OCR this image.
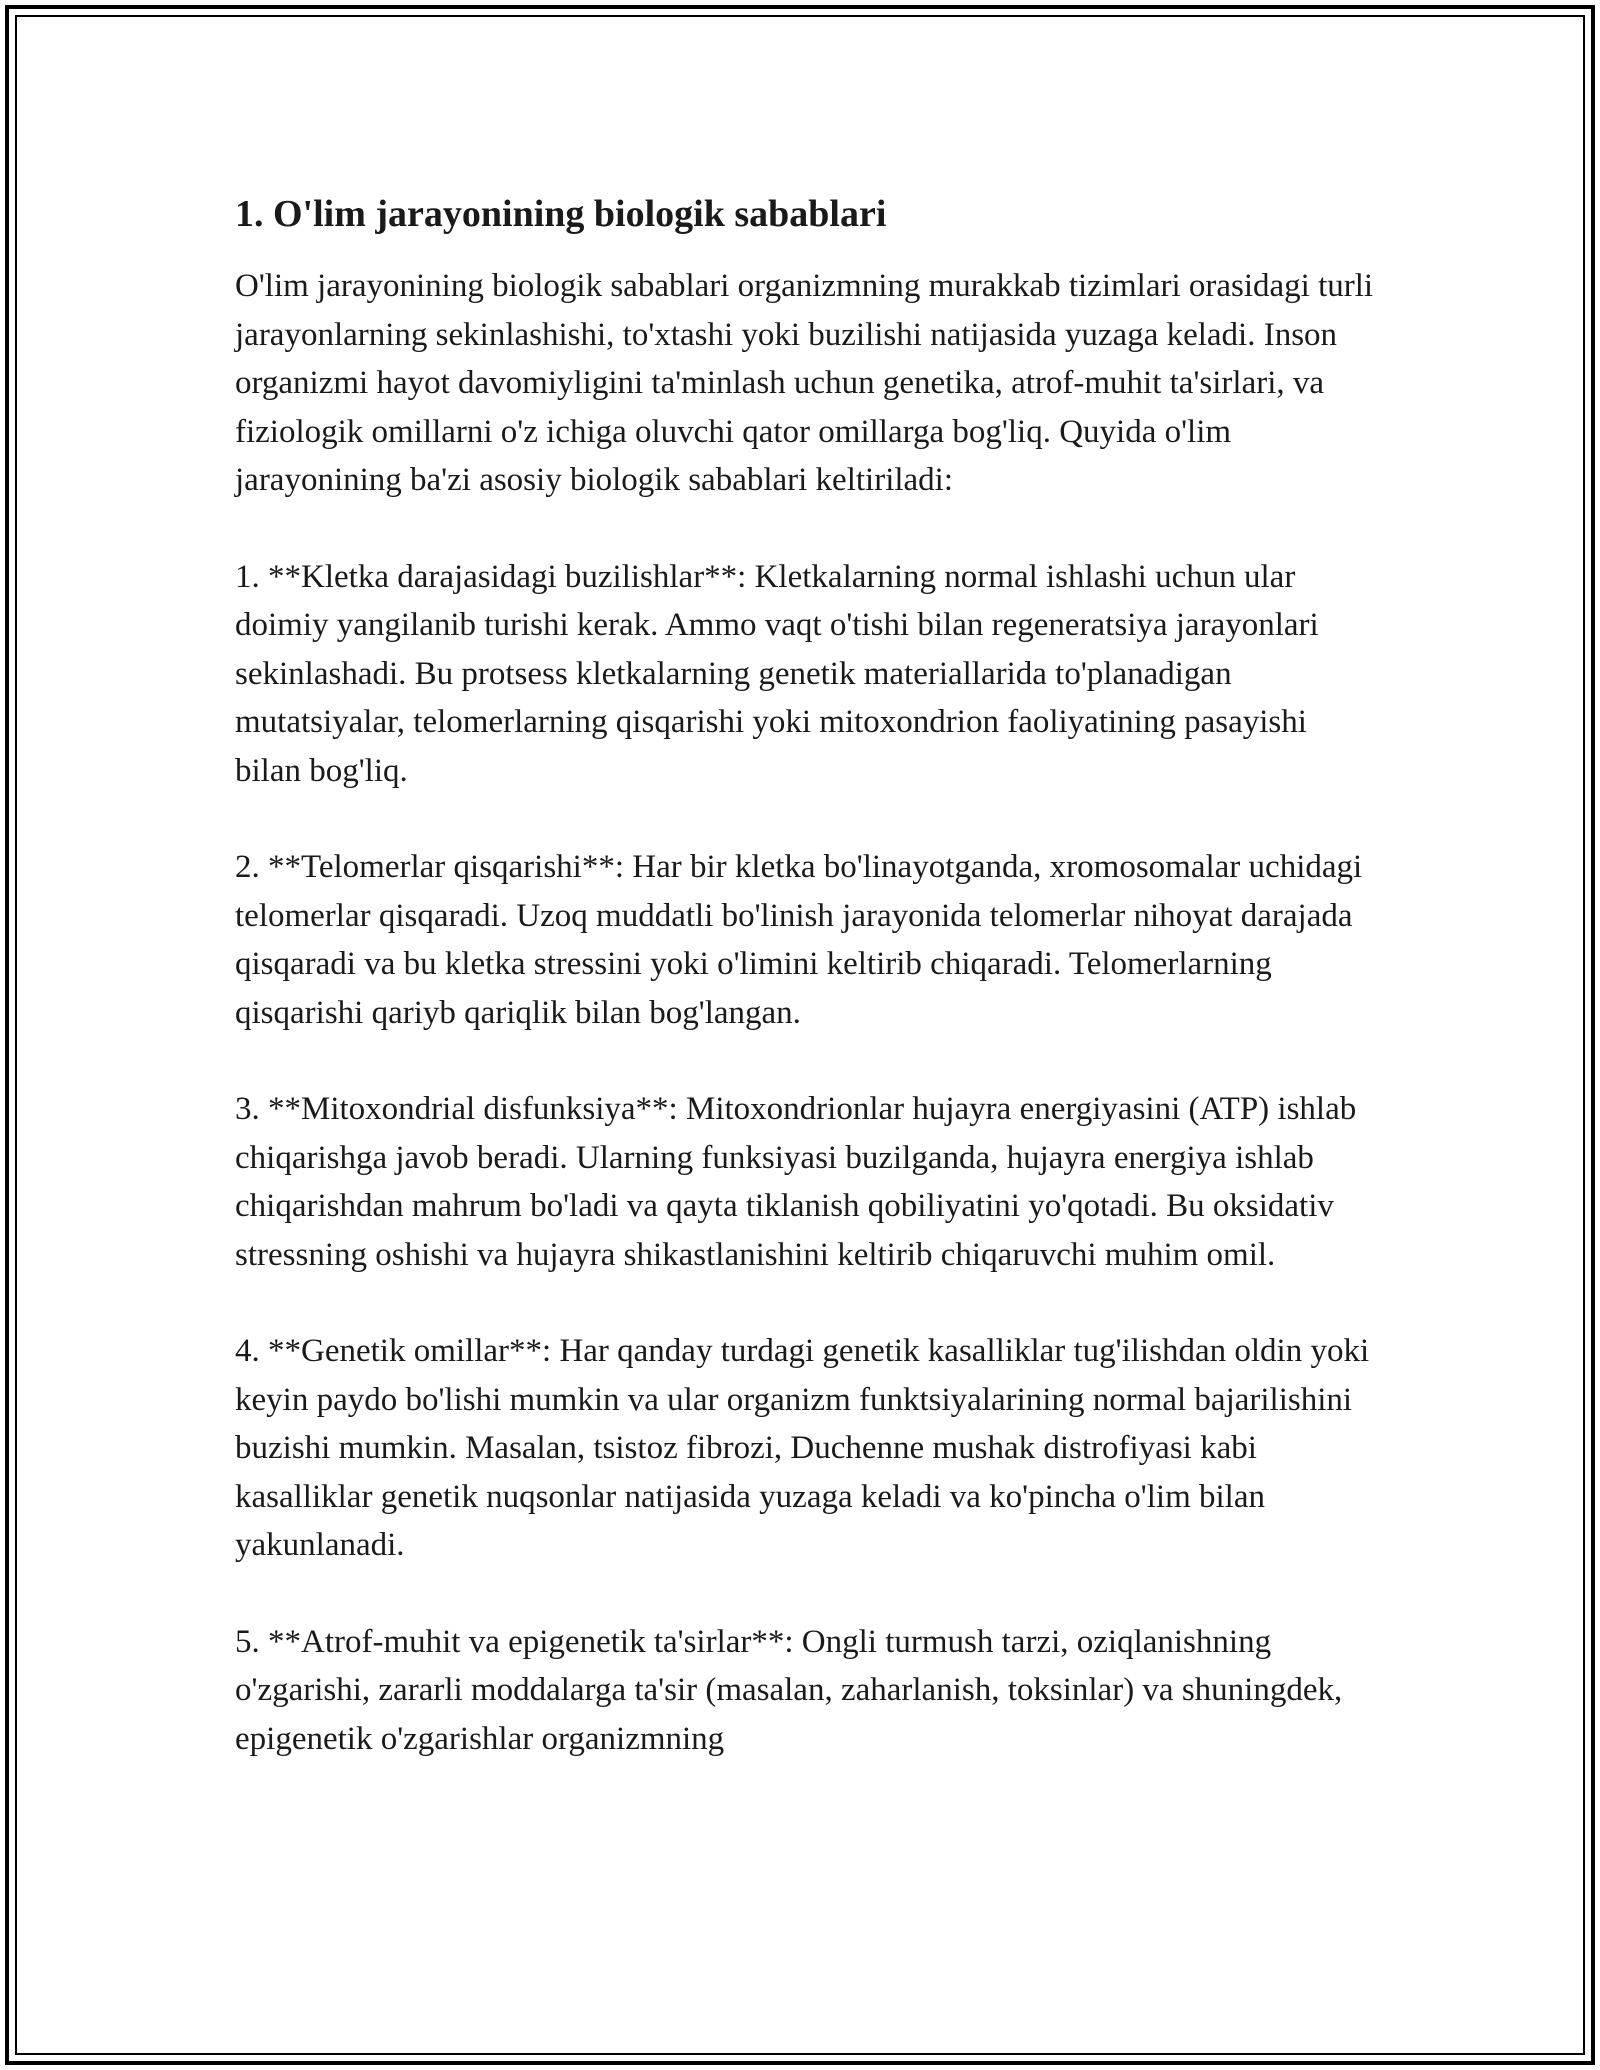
1. O'lim jarayonining biologik sabablari

O'lim jarayonining biologik sabablari organizmning murakkab tizimlari orasidagi turli jarayonlarning sekinlashishi, to'xtashi yoki buzilishi natijasida yuzaga keladi. Inson organizmi hayot davomiyligini ta'minlash uchun genetika, atrof-muhit ta'sirlari, va fiziologik omillarni o'z ichiga oluvchi qator omillarga bog'liq. Quyida o'lim jarayonining ba'zi asosiy biologik sabablari keltiriladi:

1. **Kletka darajasidagi buzilishlar**: Kletkalarning normal ishlashi uchun ular doimiy yangilanib turishi kerak. Ammo vaqt o'tishi bilan regeneratsiya jarayonlari sekinlashadi. Bu protsess kletkalarning genetik materiallarida to'planadigan mutatsiyalar, telomerlarning qisqarishi yoki mitoxondrion faoliyatining pasayishi bilan bog'liq.

2. **Telomerlar qisqarishi**: Har bir kletka bo'linayotganda, xromosomalar uchidagi telomerlar qisqaradi. Uzoq muddatli bo'linish jarayonida telomerlar nihoyat darajada qisqaradi va bu kletka stressini yoki o'limini keltirib chiqaradi. Telomerlarning qisqarishi qariyb qariqlik bilan bog'langan.

3. **Mitoxondrial disfunksiya**: Mitoxondrionlar hujayra energiyasini (ATP) ishlab chiqarishga javob beradi. Ularning funksiyasi buzilganda, hujayra energiya ishlab chiqarishdan mahrum bo'ladi va qayta tiklanish qobiliyatini yo'qotadi. Bu oksidativ stressning oshishi va hujayra shikastlanishini keltirib chiqaruvchi muhim omil.

4. **Genetik omillar**: Har qanday turdagi genetik kasalliklar tug'ilishdan oldin yoki keyin paydo bo'lishi mumkin va ular organizm funktsiyalarining normal bajarilishini buzishi mumkin. Masalan, tsistoz fibrozi, Duchenne mushak distrofiyasi kabi kasalliklar genetik nuqsonlar natijasida yuzaga keladi va ko'pincha o'lim bilan yakunlanadi.

5. **Atrof-muhit va epigenetik ta'sirlar**: Ongli turmush tarzi, oziqlanishning o'zgarishi, zararli moddalarga ta'sir (masalan, zaharlanish, toksinlar) va shuningdek, epigenetik o'zgarishlar organizmning
